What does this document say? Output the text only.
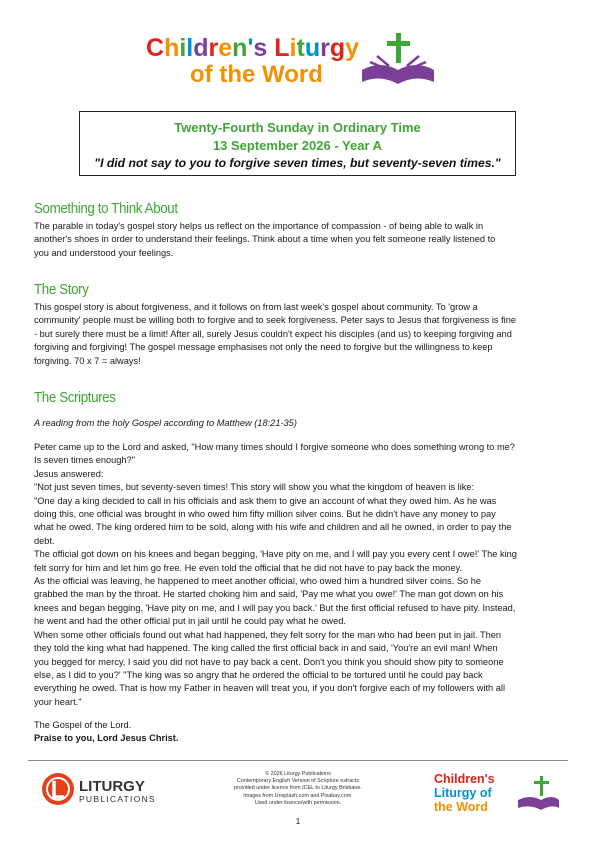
Children's Liturgy
of the Word
Twenty-Fourth Sunday in Ordinary Time
13 September 2026 - Year A
"I did not say to you to forgive seven times, but seventy-seven times."
Something to Think About
The parable in today's gospel story helps us reflect on the importance of compassion - of being able to walk in
another's shoes in order to understand their feelings. Think about a time when you felt someone really listened to
you and understood your feelings.
The Story
This gospel story is about forgiveness, and it follows on from last week's gospel about community. To 'grow a
community' people must be willing both to forgive and to seek forgiveness. Peter says to Jesus that forgiveness is fine
- but surely there must be a limit! After all, surely Jesus couldn't expect his disciples (and us) to keeping forgiving and
forgiving and forgiving! The gospel message emphasises not only the need to forgive but the willingness to keep
forgiving. 70 x 7 = always!
The Scriptures
A reading from the holy Gospel according to Matthew (18:21-35)
Peter came up to the Lord and asked, "How many times should I forgive someone who does something wrong to me?
Is seven times enough?"
Jesus answered:
"Not just seven times, but seventy-seven times! This story will show you what the kingdom of heaven is like:
"One day a king decided to call in his officials and ask them to give an account of what they owed him. As he was
doing this, one official was brought in who owed him fifty million silver coins. But he didn't have any money to pay
what he owed. The king ordered him to be sold, along with his wife and children and all he owned, in order to pay the
debt.
The official got down on his knees and began begging, 'Have pity on me, and I will pay you every cent I owe!' The king
felt sorry for him and let him go free. He even told the official that he did not have to pay back the money.
As the official was leaving, he happened to meet another official, who owed him a hundred silver coins. So he
grabbed the man by the throat. He started choking him and said, 'Pay me what you owe!' The man got down on his
knees and began begging, 'Have pity on me, and I will pay you back.' But the first official refused to have pity. Instead,
he went and had the other official put in jail until he could pay what he owed.
When some other officials found out what had happened, they felt sorry for the man who had been put in jail. Then
they told the king what had happened. The king called the first official back in and said, 'You're an evil man! When
you begged for mercy, I said you did not have to pay back a cent. Don't you think you should show pity to someone
else, as I did to you?' "The king was so angry that he ordered the official to be tortured until he could pay back
everything he owed. That is how my Father in heaven will treat you, if you don't forgive each of my followers with all
your heart."
The Gospel of the Lord.
Praise to you, Lord Jesus Christ.
LITURGY
PUBLICATIONS
© 2026 Liturgy Publications
Contemporary English Version of Scripture extracts
provided under licence from ICEL to Liturgy Brisbane.
Images from Unsplash.com and Pixabay.com.
Used under licence/with permission.
1
Children's
Liturgy of
the Word
